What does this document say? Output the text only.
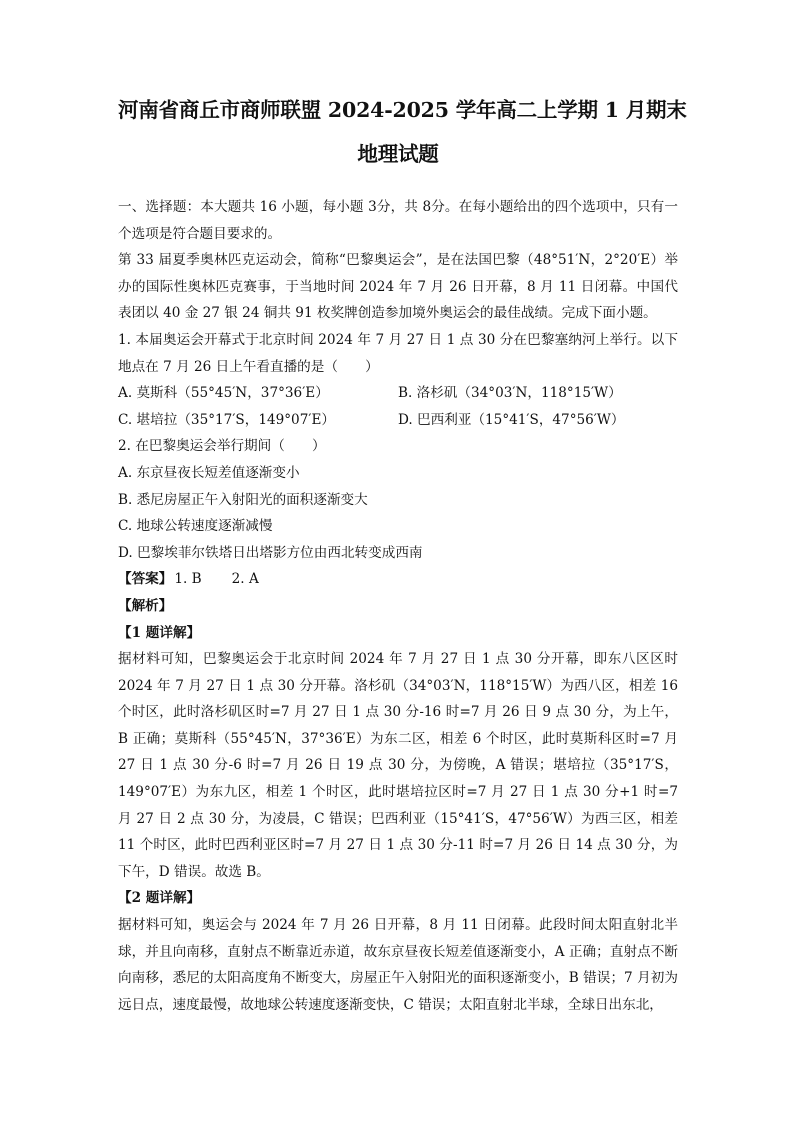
河南省商丘市商师联盟 2024-2025 学年高二上学期 1 月期末
地理试题

一、选择题：本大题共 16 小题，每小题 3分，共 8分。在每小题给出的四个选项中，只有一个选项是符合题目要求的。

第 33 届夏季奥林匹克运动会，简称“巴黎奥运会”，是在法国巴黎（48°51′N，2°20′E）举办的国际性奥林匹克赛事，于当地时间 2024 年 7 月 26 日开幕，8 月 11 日闭幕。中国代表团以 40 金 27 银 24 铜共 91 枚奖牌创造参加境外奥运会的最佳战绩。完成下面小题。

1. 本届奥运会开幕式于北京时间 2024 年 7 月 27 日 1 点 30 分在巴黎塞纳河上举行。以下地点在 7 月 26 日上午看直播的是（　　）

A. 莫斯科（55°45′N，37°36′E）	B. 洛杉矶（34°03′N，118°15′W）
C. 堪培拉（35°17′S，149°07′E）	D. 巴西利亚（15°41′S，47°56′W）

2. 在巴黎奥运会举行期间（　　）

A. 东京昼夜长短差值逐渐变小

B. 悉尼房屋正午入射阳光的面积逐渐变大

C. 地球公转速度逐渐减慢

D. 巴黎埃菲尔铁塔日出塔影方位由西北转变成西南

【答案】 1. B 2. A

【解析】

【1 题详解】

据材料可知，巴黎奥运会于北京时间 2024 年 7 月 27 日 1 点 30 分开幕，即东八区区时 2024 年 7 月 27 日 1 点 30 分开幕。洛杉矶（34°03′N，118°15′W）为西八区，相差 16 个时区，此时洛杉矶区时=7 月 27 日 1 点 30 分-16 时=7 月 26 日 9 点 30 分，为上午，B 正确；莫斯科（55°45′N，37°36′E）为东二区，相差 6 个时区，此时莫斯科区时=7 月 27 日 1 点 30 分-6 时=7 月 26 日 19 点 30 分，为傍晚，A 错误；堪培拉（35°17′S，149°07′E）为东九区，相差 1 个时区，此时堪培拉区时=7 月 27 日 1 点 30 分+1 时=7 月 27 日 2 点 30 分，为凌晨，C 错误；巴西利亚（15°41′S，47°56′W）为西三区，相差 11 个时区，此时巴西利亚区时=7 月 27 日 1 点 30 分-11 时=7 月 26 日 14 点 30 分，为下午，D 错误。故选 B。

【2 题详解】

据材料可知，奥运会与 2024 年 7 月 26 日开幕，8 月 11 日闭幕。此段时间太阳直射北半球，并且向南移，直射点不断靠近赤道，故东京昼夜长短差值逐渐变小，A 正确；直射点不断向南移，悉尼的太阳高度角不断变大，房屋正午入射阳光的面积逐渐变小，B 错误；7 月初为远日点，速度最慢，故地球公转速度逐渐变快，C 错误；太阳直射北半球，全球日出东北，
